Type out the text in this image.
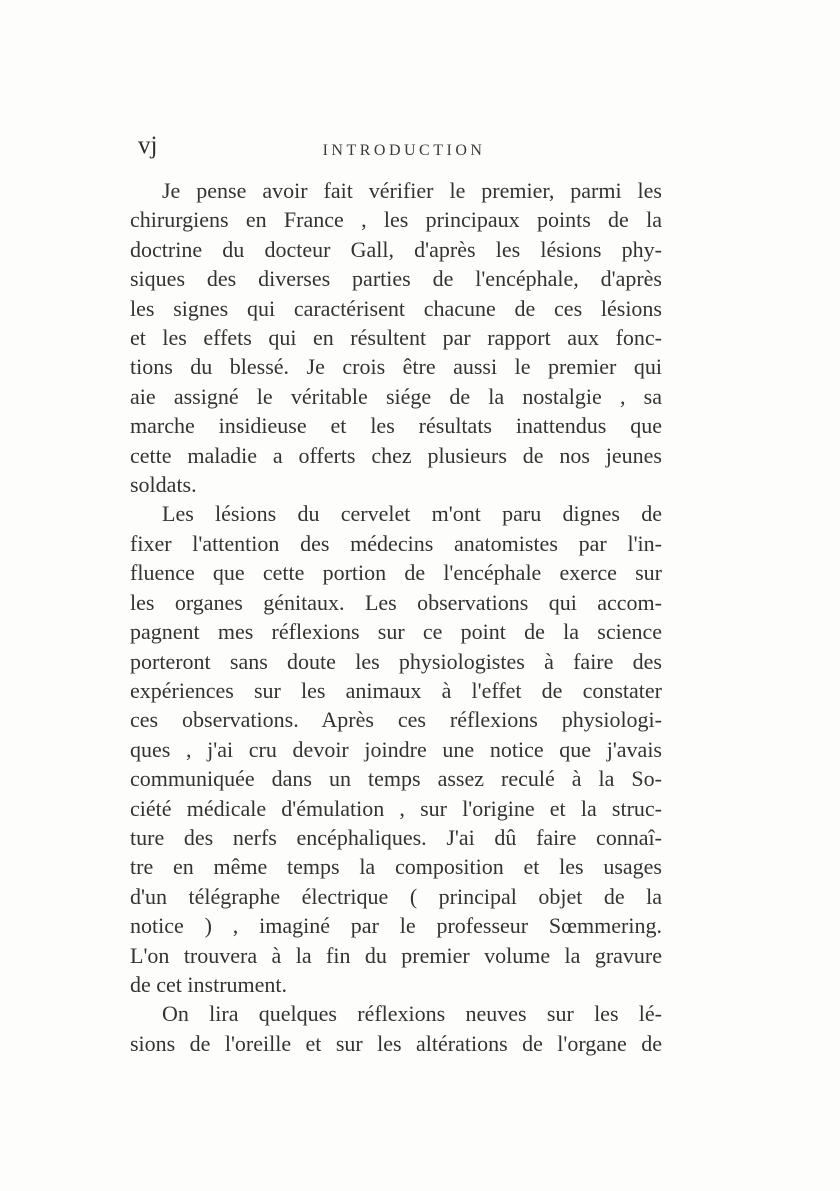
vj	INTRODUCTION

Je pense avoir fait vérifier le premier, parmi les
chirurgiens en France , les principaux points de la
doctrine du docteur Gall, d'après les lésions phy-
siques des diverses parties de l'encéphale, d'après
les signes qui caractérisent chacune de ces lésions
et les effets qui en résultent par rapport aux fonc-
tions du blessé. Je crois être aussi le premier qui
aie assigné le véritable siége de la nostalgie , sa
marche insidieuse et les résultats inattendus que
cette maladie a offerts chez plusieurs de nos jeunes
soldats.

Les lésions du cervelet m'ont paru dignes de
fixer l'attention des médecins anatomistes par l'in-
fluence que cette portion de l'encéphale exerce sur
les organes génitaux. Les observations qui accom-
pagnent mes réflexions sur ce point de la science
porteront sans doute les physiologistes à faire des
expériences sur les animaux à l'effet de constater
ces observations. Après ces réflexions physiologi-
ques , j'ai cru devoir joindre une notice que j'avais
communiquée dans un temps assez reculé à la So-
ciété médicale d'émulation , sur l'origine et la struc-
ture des nerfs encéphaliques. J'ai dû faire connaî-
tre en même temps la composition et les usages
d'un télégraphe électrique ( principal objet de la
notice ) , imaginé par le professeur Sœmmering.
L'on trouvera à la fin du premier volume la gravure
de cet instrument.

On lira quelques réflexions neuves sur les lé-
sions de l'oreille et sur les altérations de l'organe de
